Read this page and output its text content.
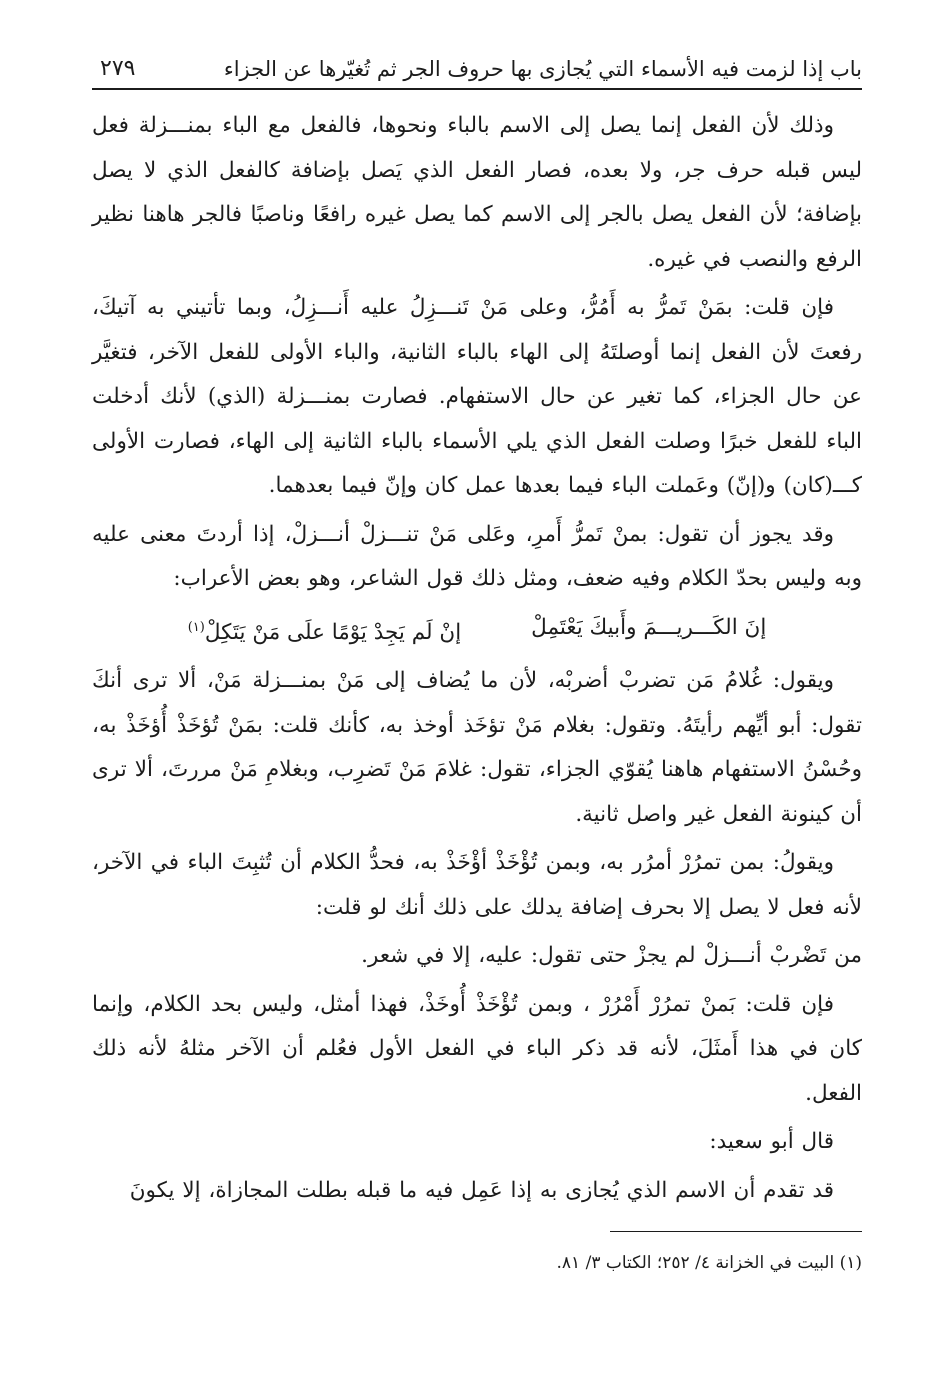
باب إذا لزمت فيه الأسماء التي يُجازى بها حروف الجر ثم تُغيّرها عن الجزاء
٢٧٩

وذلك لأن الفعل إنما يصل إلى الاسم بالباء ونحوها، فالفعل مع الباء بمنـــزلة فعل ليس قبله حرف جر، ولا بعده، فصار الفعل الذي يَصل بإضافة كالفعل الذي لا يصل بإضافة؛ لأن الفعل يصل بالجر إلى الاسم كما يصل غيره رافعًا وناصبًا فالجر هاهنا نظير الرفع والنصب في غيره.

فإن قلت: بمَنْ تَمرُّ به أَمُرُّ، وعلى مَنْ تَنـــزِلُ عليه أَنـــزِلُ، وبما تأتيني به آتيكَ، رفعتَ لأن الفعل إنما أوصلتَهُ إلى الهاء بالباء الثانية، والباء الأولى للفعل الآخر، فتغيَّر عن حال الجزاء، كما تغير عن حال الاستفهام. فصارت بمنـــزلة (الذي) لأنك أدخلت الباء للفعل خبرًا وصلت الفعل الذي يلي الأسماء بالباء الثانية إلى الهاء، فصارت الأولى كـــ(كان) و(إنّ) وعَملت الباء فيما بعدها عمل كان وإنّ فيما بعدهما.

وقد يجوز أن تقول: بمنْ تَمرُّ أَمرِ، وعَلى مَنْ تنـــزلْ أنـــزلْ، إذا أردتَ معنى عليه وبه وليس بحدّ الكلام وفيه ضعف، ومثل ذلك قول الشاعر، وهو بعض الأعراب:

إنَ الكَـــريـــمَ وأَبيكَ يَعْتَمِلْ
إنْ لَم يَجِدْ يَوْمًا علَى مَنْ يَتَكِلْ$^{(١)}$

ويقول: غُلامُ مَن تضربْ أضربْه، لأن ما يُضاف إلى مَنْ بمنـــزلة مَنْ، ألا ترى أنكَ تقول: أبو أيِّهم رأيتَهُ. وتقول: بغلام مَنْ تؤخَذ أوخذ به، كأنك قلت: بمَنْ تُؤخَذْ أُؤخَذْ به، وحُسْنُ الاستفهام هاهنا يُقوّي الجزاء، تقول: غلامَ مَنْ تَضرِب، وبغلامِ مَنْ مررتَ، ألا ترى أن كينونة الفعل غير واصل ثانية.

ويقولُ: بمن تمرُرْ أمرُر به، وبمن تُؤْخَذْ أؤْخَذْ به، فحدُّ الكلام أن تُثبِتَ الباء في الآخر، لأنه فعل لا يصل إلا بحرف إضافة يدلك على ذلك أنك لو قلت:

من تَضْربْ أنـــزلْ لم يجزْ حتى تقول: عليه، إلا في شعر.

فإن قلت: بَمنْ تمرُرْ أَمْرُرْ ، وبمن تُؤْخَذْ أُوخَذْ، فهذا أمثل، وليس بحد الكلام، وإنما كان في هذا أَمثَلَ، لأنه قد ذكر الباء في الفعل الأول فعُلم أن الآخر مثلهُ لأنه ذلك الفعل.

قال أبو سعيد:

قد تقدم أن الاسم الذي يُجازى به إذا عَمِل فيه ما قبله بطلت المجازاة، إلا يكونَ

(١) البيت في الخزانة ٤/ ٢٥٢؛ الكتاب ٣/ ٨١.
